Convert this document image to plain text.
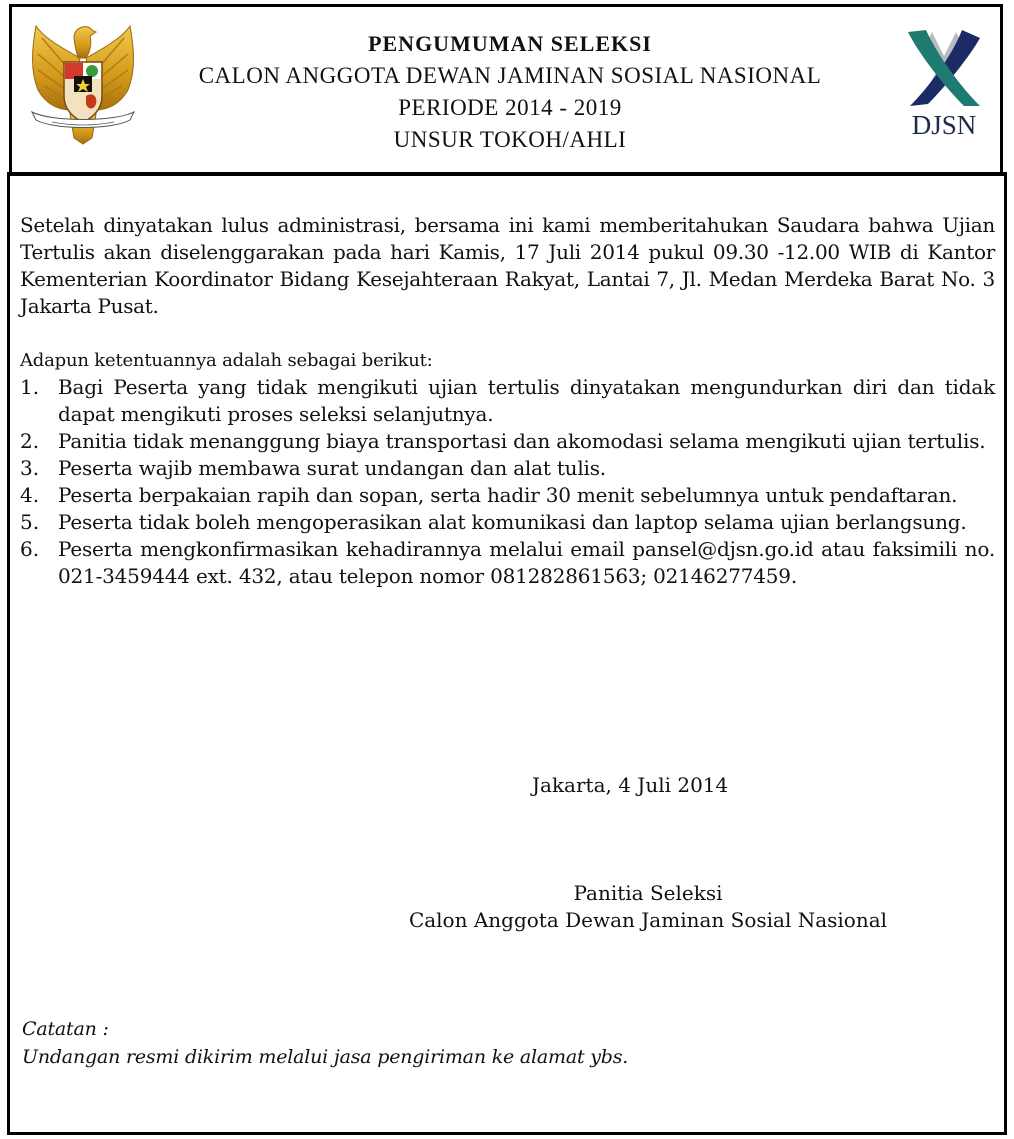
DJSN
PENGUMUMAN SELEKSI
CALON ANGGOTA DEWAN JAMINAN SOSIAL NASIONAL
PERIODE 2014 - 2019
UNSUR TOKOH/AHLI

Setelah dinyatakan lulus administrasi, bersama ini kami memberitahukan Saudara bahwa Ujian Tertulis akan diselenggarakan pada hari Kamis, 17 Juli 2014 pukul 09.30 -12.00 WIB di Kantor Kementerian Koordinator Bidang Kesejahteraan Rakyat, Lantai 7, Jl. Medan Merdeka Barat No. 3 Jakarta Pusat.

Adapun ketentuannya adalah sebagai berikut:

1. Bagi Peserta yang tidak mengikuti ujian tertulis dinyatakan mengundurkan diri dan tidak dapat mengikuti proses seleksi selanjutnya.
2. Panitia tidak menanggung biaya transportasi dan akomodasi selama mengikuti ujian tertulis.
3. Peserta wajib membawa surat undangan dan alat tulis.
4. Peserta berpakaian rapih dan sopan, serta hadir 30 menit sebelumnya untuk pendaftaran.
5. Peserta tidak boleh mengoperasikan alat komunikasi dan laptop selama ujian berlangsung.
6. Peserta mengkonfirmasikan kehadirannya melalui email pansel@djsn.go.id atau faksimili no. 021-3459444 ext. 432, atau telepon nomor 081282861563; 02146277459.
Jakarta, 4 Juli 2014
Panitia Seleksi
Calon Anggota Dewan Jaminan Sosial Nasional
Catatan :
Undangan resmi dikirim melalui jasa pengiriman ke alamat ybs.
